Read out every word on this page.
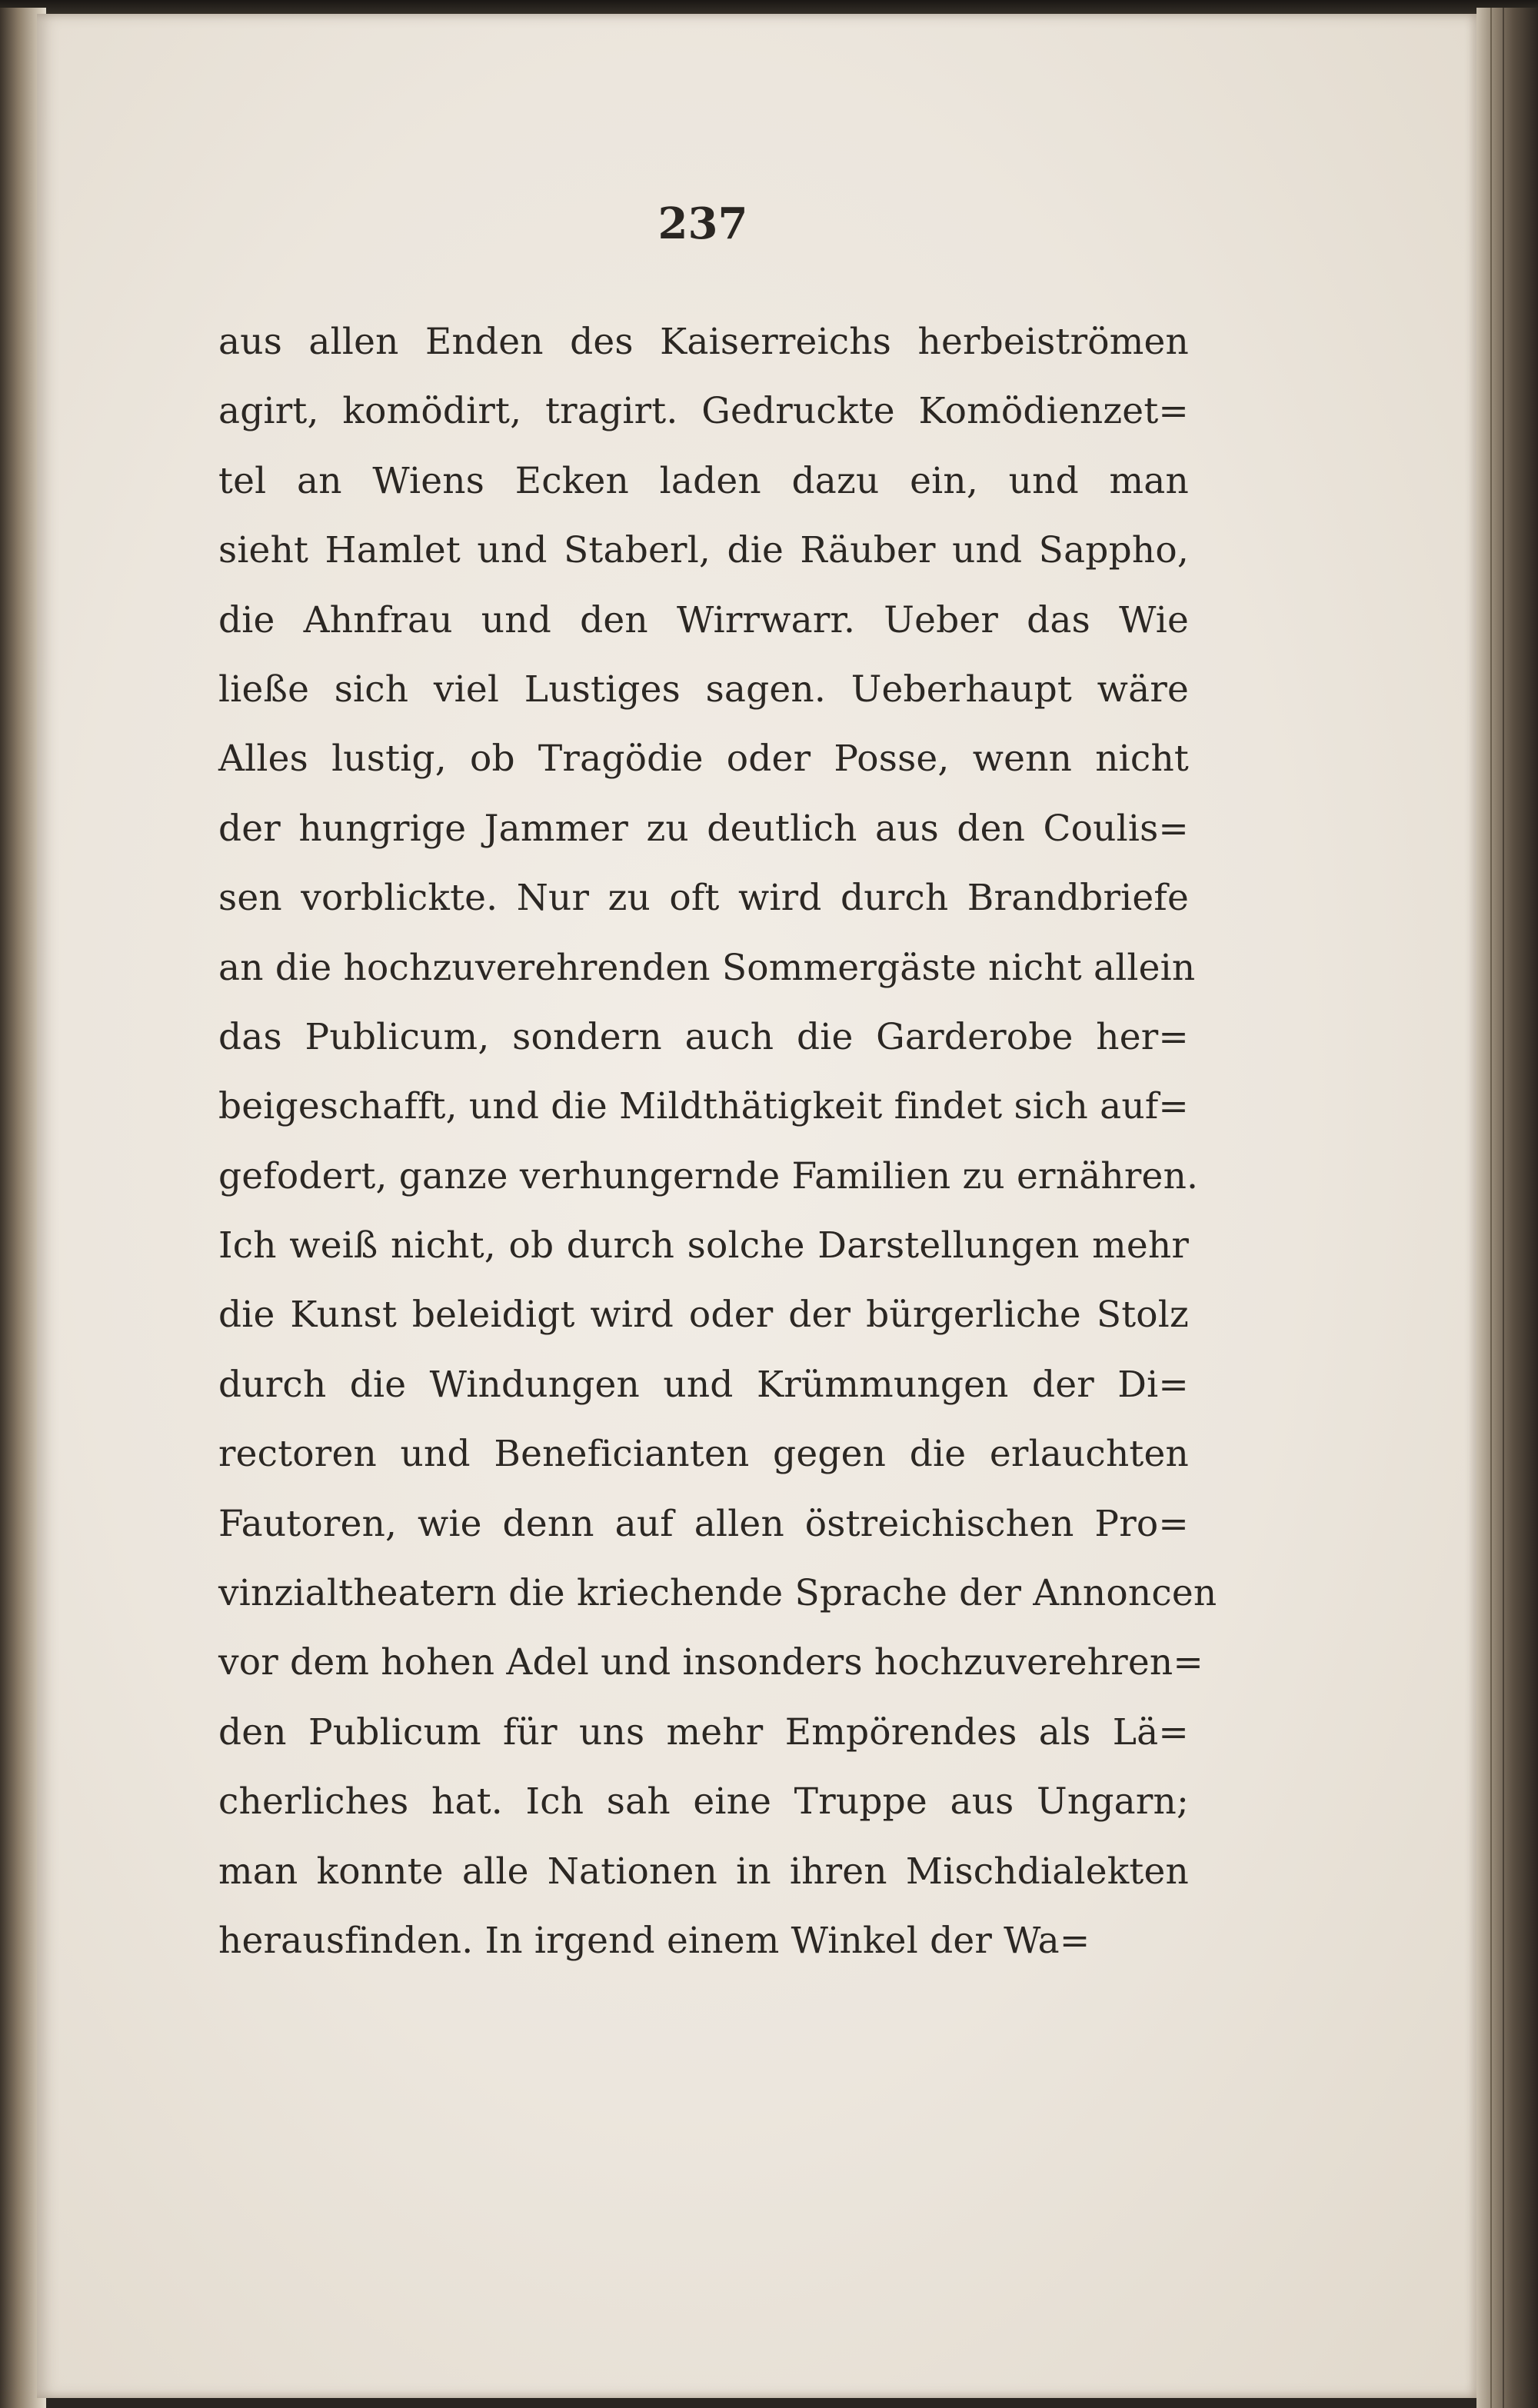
237
aus allen Enden des Kaiserreichs herbeiströmen
agirt, komödirt, tragirt. Gedruckte Komödienzet=
tel an Wiens Ecken laden dazu ein, und man
sieht Hamlet und Staberl, die Räuber und Sappho,
die Ahnfrau und den Wirrwarr. Ueber das Wie
ließe sich viel Lustiges sagen. Ueberhaupt wäre
Alles lustig, ob Tragödie oder Posse, wenn nicht
der hungrige Jammer zu deutlich aus den Coulis=
sen vorblickte. Nur zu oft wird durch Brandbriefe
an die hochzuverehrenden Sommergäste nicht allein
das Publicum, sondern auch die Garderobe her=
beigeschafft, und die Mildthätigkeit findet sich auf=
gefodert, ganze verhungernde Familien zu ernähren.
Ich weiß nicht, ob durch solche Darstellungen mehr
die Kunst beleidigt wird oder der bürgerliche Stolz
durch die Windungen und Krümmungen der Di=
rectoren und Beneficianten gegen die erlauchten
Fautoren, wie denn auf allen östreichischen Pro=
vinzialtheatern die kriechende Sprache der Annoncen
vor dem hohen Adel und insonders hochzuverehren=
den Publicum für uns mehr Empörendes als Lä=
cherliches hat. Ich sah eine Truppe aus Ungarn;
man konnte alle Nationen in ihren Mischdialekten
herausfinden. In irgend einem Winkel der Wa=
